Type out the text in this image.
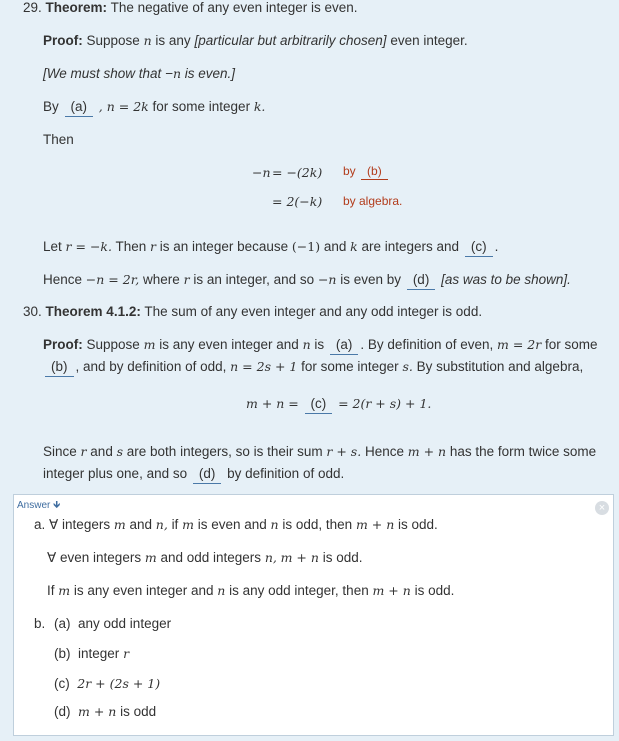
29. Theorem: The negative of any even integer is even.
Proof: Suppose n is any [particular but arbitrarily chosen] even integer.
[We must show that −n is even.]
By (a) , n = 2k for some integer k.
Then
−n = −(2k) by (b)
= 2(−k) by algebra.
Let r = −k. Then r is an integer because (−1) and k are integers and (c) .
Hence −n = 2r, where r is an integer, and so −n is even by (d) [as was to be shown].
30. Theorem 4.1.2: The sum of any even integer and any odd integer is odd.
Proof: Suppose m is any even integer and n is (a) . By definition of even, m = 2r for some
(b) , and by definition of odd, n = 2s + 1 for some integer s. By substitution and algebra,
m + n = (c) = 2(r + s) + 1.
Since r and s are both integers, so is their sum r + s. Hence m + n has the form twice some
integer plus one, and so (d) by definition of odd.
Answer 🡻	×
a. ∀ integers m and n, if m is even and n is odd, then m + n is odd.
∀ even integers m and odd integers n, m + n is odd.
If m is any even integer and n is any odd integer, then m + n is odd.
b. (a) any odd integer
(b) integer r
(c) 2r + (2s + 1)
(d) m + n is odd
